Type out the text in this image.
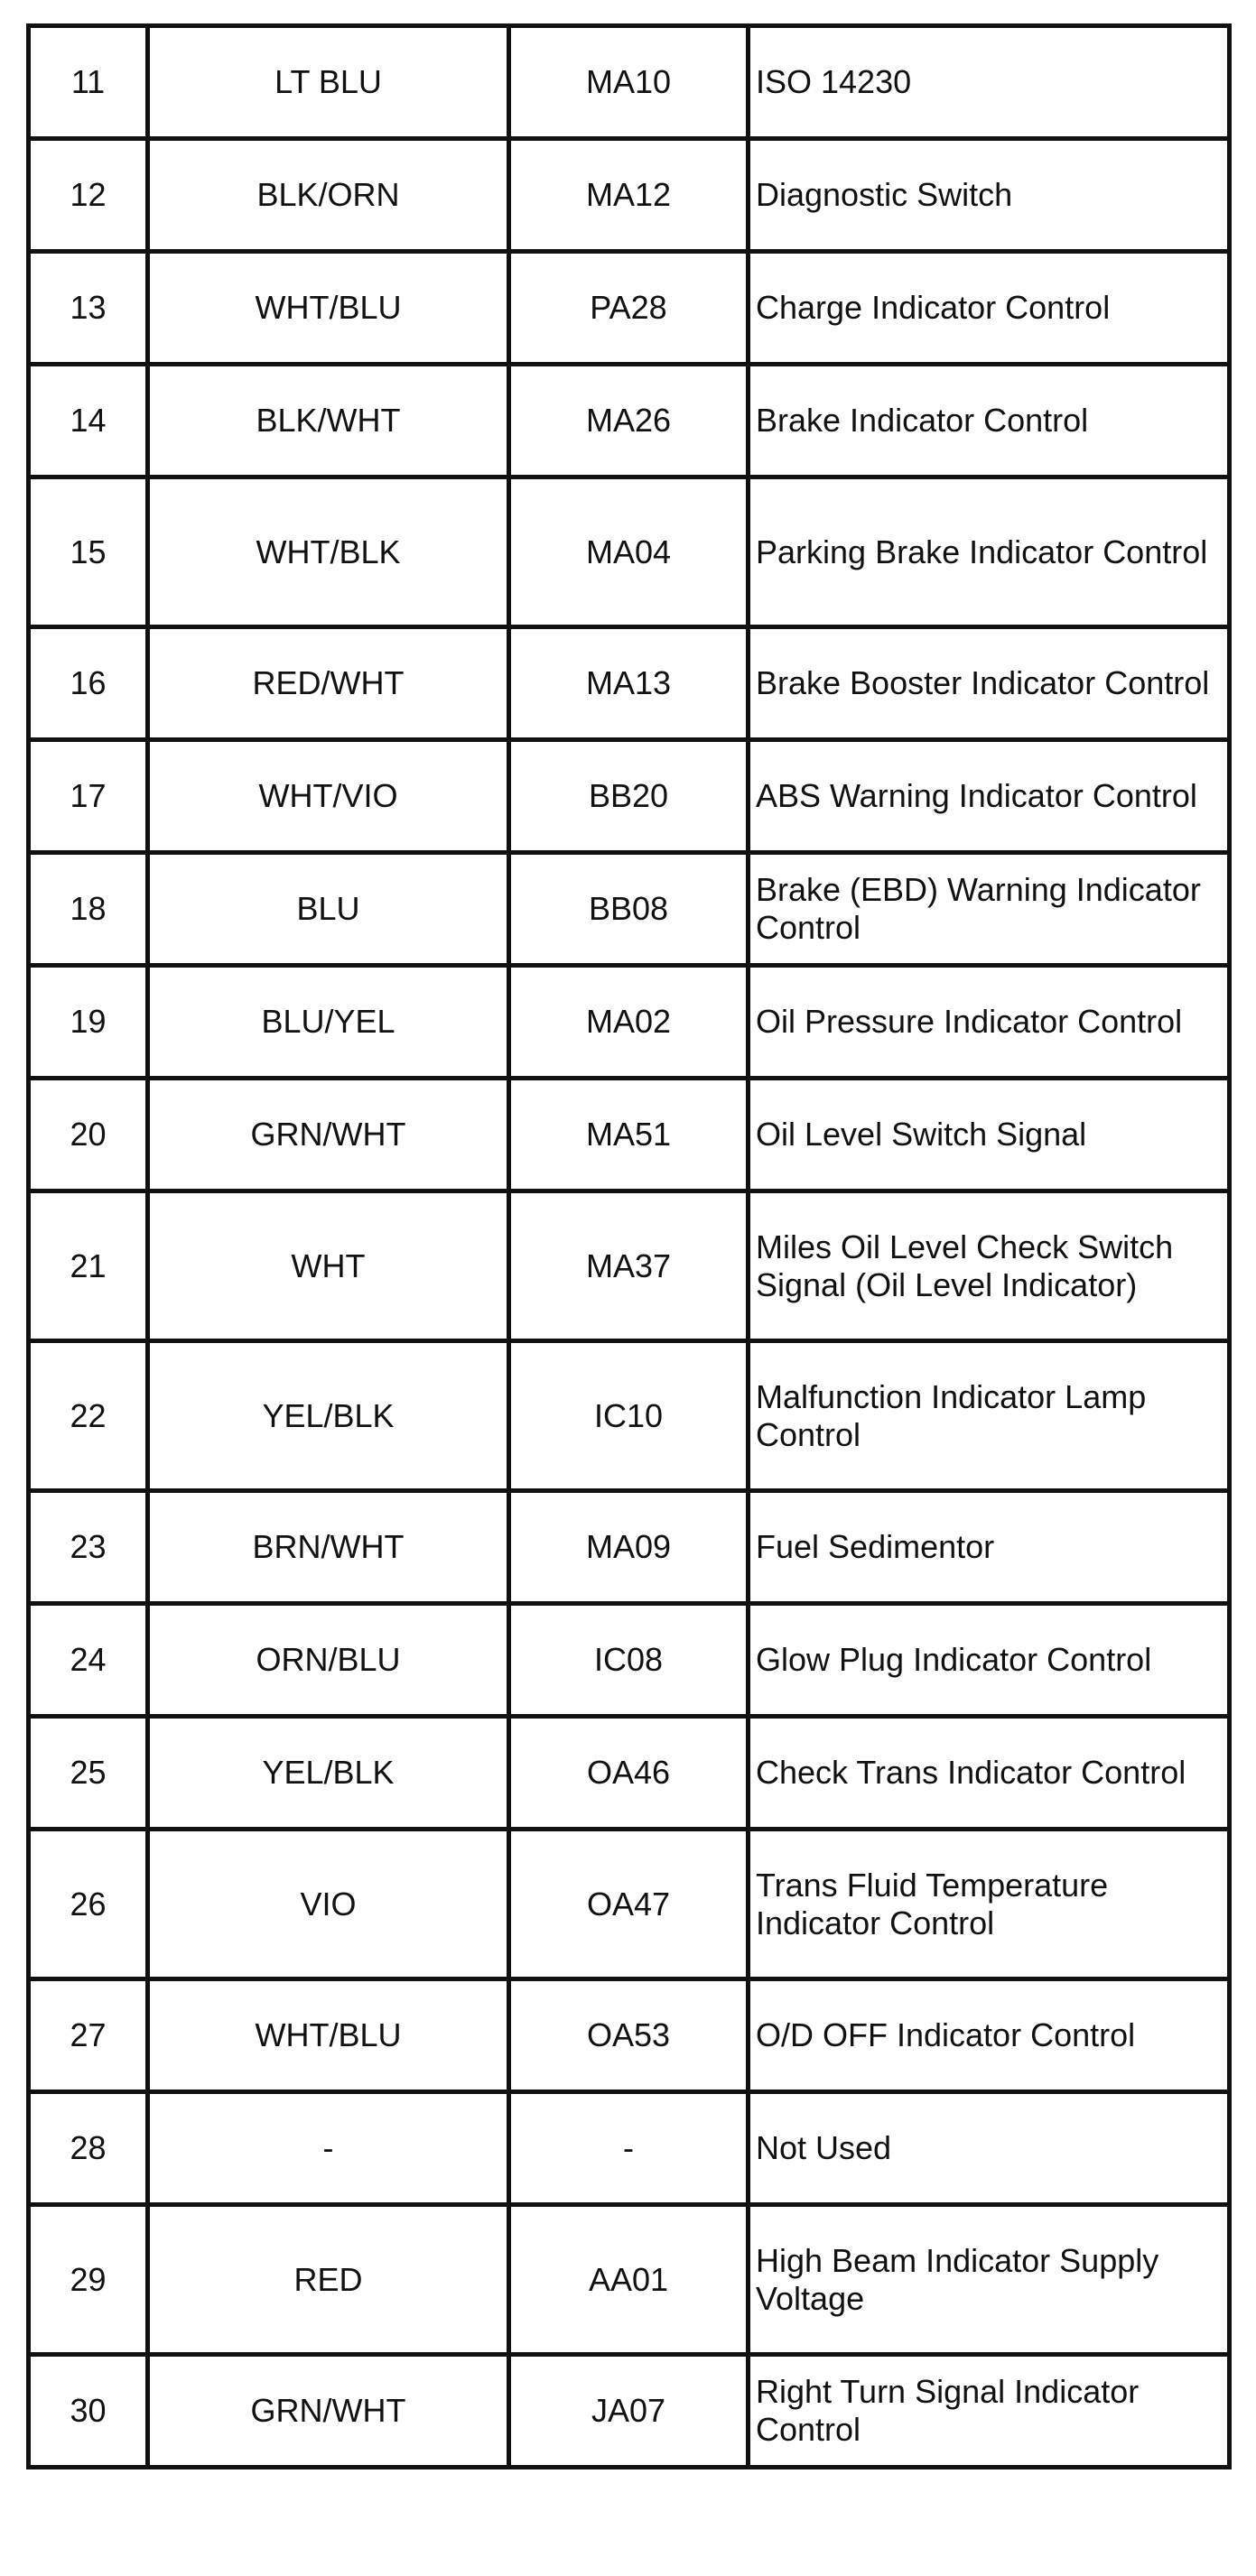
11	LT BLU	MA10	ISO 14230
12	BLK/ORN	MA12	Diagnostic Switch
13	WHT/BLU	PA28	Charge Indicator Control
14	BLK/WHT	MA26	Brake Indicator Control
15	WHT/BLK	MA04	Parking Brake Indicator Control
16	RED/WHT	MA13	Brake Booster Indicator Control
17	WHT/VIO	BB20	ABS Warning Indicator Control
18	BLU	BB08	Brake (EBD) Warning Indicator Control
19	BLU/YEL	MA02	Oil Pressure Indicator Control
20	GRN/WHT	MA51	Oil Level Switch Signal
21	WHT	MA37	Miles Oil Level Check Switch Signal (Oil Level Indicator)
22	YEL/BLK	IC10	Malfunction Indicator Lamp Control
23	BRN/WHT	MA09	Fuel Sedimentor
24	ORN/BLU	IC08	Glow Plug Indicator Control
25	YEL/BLK	OA46	Check Trans Indicator Control
26	VIO	OA47	Trans Fluid Temperature Indicator Control
27	WHT/BLU	OA53	O/D OFF Indicator Control
28	-	-	Not Used
29	RED	AA01	High Beam Indicator Supply Voltage
30	GRN/WHT	JA07	Right Turn Signal Indicator Control
